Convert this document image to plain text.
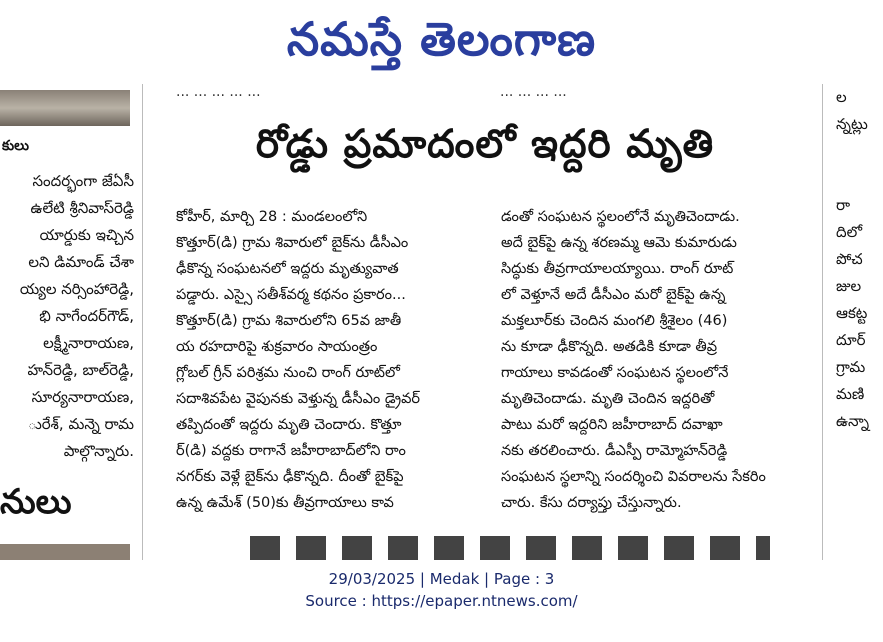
నమస్తే తెలంగాణ
కులు
సందర్భంగా జేఏసీ
ఉలేటి శ్రీనివాస్‌రెడ్డి
యార్డుకు ఇచ్చిన
లని డిమాండ్ చేశా
య్యల నర్సింహారెడ్డి,
భి నాగేందర్‌గౌడ్,
లక్ష్మీనారాయణ,
హన్‌రెడ్డి, బాల్‌రెడ్డి,
సూర్యనారాయణ,
ురేశ్, మన్నె రామ
పాల్గొన్నారు.
నులు
... ... ... ... ...	... ... ... ...
రోడ్డు ప్రమాదంలో ఇద్దరి మృతి
కోహీర్, మార్చి 28 : మండలంలోని
కొత్తూర్(డి) గ్రామ శివారులో బైక్‌ను డీసీఎం
ఢీకొన్న సంఘటనలో ఇద్దరు మృత్యువాత
పడ్డారు. ఎస్సై సతీశ్‌వర్మ కథనం ప్రకారం...
కొత్తూర్(డి) గ్రామ శివారులోని 65వ జాతీ
య రహదారిపై శుక్రవారం సాయంత్రం
గ్లోబల్ గ్రీన్ పరిశ్రమ నుంచి రాంగ్ రూట్‌లో
సదాశివపేట వైపునకు వెళ్తున్న డీసీఎం డ్రైవర్
తప్పిదంతో ఇద్దరు మృతి చెందారు. కొత్తూ
ర్(డి) వద్దకు రాగానే జహీరాబాద్‌లోని రాం
నగర్‌కు వెళ్లే బైక్‌ను ఢీకొన్నది. దీంతో బైక్‌పై
ఉన్న ఉమేశ్ (50)కు తీవ్రగాయాలు కావ
డంతో సంఘటన స్థలంలోనే మృతిచెందాడు.
అదే బైక్‌పై ఉన్న శరణమ్మ ఆమె కుమారుడు
సిద్ధుకు తీవ్రగాయాలయ్యాయి. రాంగ్ రూట్
లో వెళ్తూనే అదే డీసీఎం మరో బైక్‌పై ఉన్న
మక్తలూర్‌కు చెందిన మంగలి శ్రీశైలం (46)
ను కూడా ఢీకొన్నది. అతడికి కూడా తీవ్ర
గాయాలు కావడంతో సంఘటన స్థలంలోనే
మృతిచెందాడు. మృతి చెందిన ఇద్దరితో
పాటు మరో ఇద్దరిని జహీరాబాద్ దవాఖా
నకు తరలించారు. డీఎస్పీ రామ్మోహన్‌రెడ్డి
సంఘటన స్థలాన్ని సందర్శించి వివరాలను సేకరిం
చారు. కేసు దర్యాప్తు చేస్తున్నారు.
ల
న్నట్లు
రా
దిలో
పోచ
జుల
ఆకట్ట
దూర్
గ్రామ
మణి
ఉన్నా
29/03/2025 | Medak | Page : 3
Source : https://epaper.ntnews.com/
